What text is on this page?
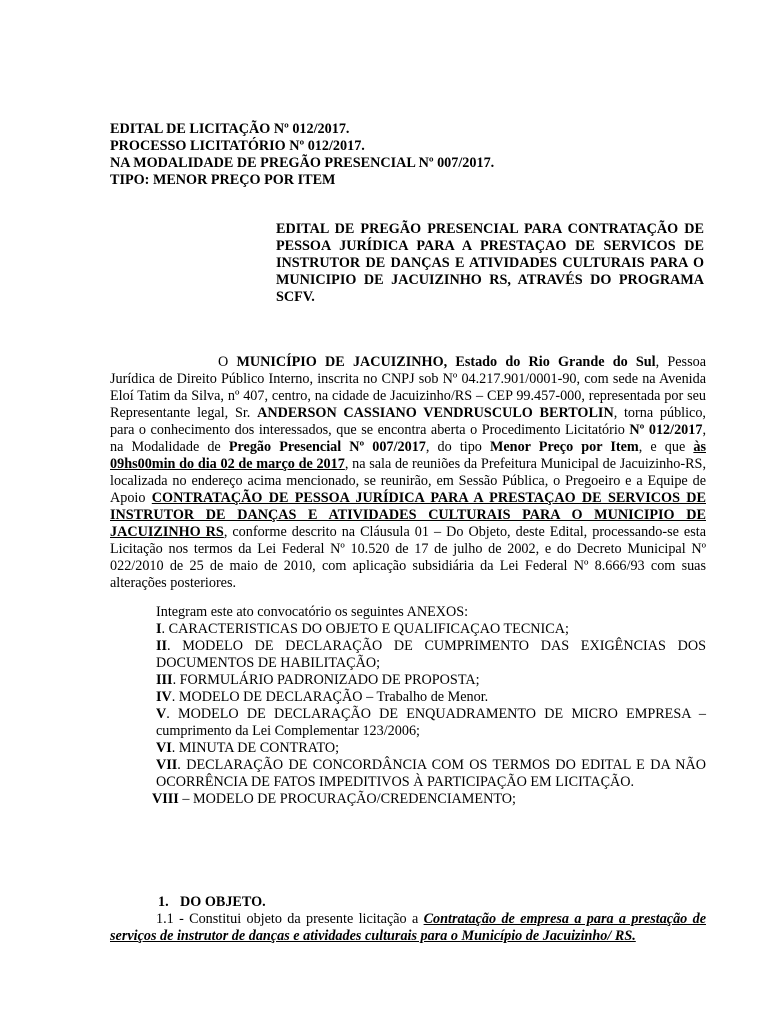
EDITAL DE LICITAÇÃO Nº 012/2017.
PROCESSO LICITATÓRIO Nº 012/2017.
NA MODALIDADE DE PREGÃO PRESENCIAL Nº 007/2017.
TIPO: MENOR PREÇO POR ITEM
EDITAL DE PREGÃO PRESENCIAL PARA CONTRATAÇÃO DE PESSOA JURÍDICA PARA A PRESTAÇAO DE SERVICOS DE INSTRUTOR DE DANÇAS E ATIVIDADES CULTURAIS PARA O MUNICIPIO DE JACUIZINHO RS, ATRAVÉS DO PROGRAMA SCFV.
O MUNICÍPIO DE JACUIZINHO, Estado do Rio Grande do Sul, Pessoa Jurídica de Direito Público Interno, inscrita no CNPJ sob Nº 04.217.901/0001-90, com sede na Avenida Eloí Tatim da Silva, nº 407, centro, na cidade de Jacuizinho/RS – CEP 99.457-000, representada por seu Representante legal, Sr. ANDERSON CASSIANO VENDRUSCULO BERTOLIN, torna público, para o conhecimento dos interessados, que se encontra aberta o Procedimento Licitatório Nº 012/2017, na Modalidade de Pregão Presencial Nº 007/2017, do tipo Menor Preço por Item, e que às 09hs00min do dia 02 de março de 2017, na sala de reuniões da Prefeitura Municipal de Jacuizinho-RS, localizada no endereço acima mencionado, se reunirão, em Sessão Pública, o Pregoeiro e a Equipe de Apoio CONTRATAÇÃO DE PESSOA JURÍDICA PARA A PRESTAÇAO DE SERVICOS DE INSTRUTOR DE DANÇAS E ATIVIDADES CULTURAIS PARA O MUNICIPIO DE JACUIZINHO RS, conforme descrito na Cláusula 01 – Do Objeto, deste Edital, processando-se esta Licitação nos termos da Lei Federal Nº 10.520 de 17 de julho de 2002, e do Decreto Municipal Nº 022/2010 de 25 de maio de 2010, com aplicação subsidiária da Lei Federal Nº 8.666/93 com suas alterações posteriores.
Integram este ato convocatório os seguintes ANEXOS:
I. CARACTERISTICAS DO OBJETO E QUALIFICAÇAO TECNICA;
II. MODELO DE DECLARAÇÃO DE CUMPRIMENTO DAS EXIGÊNCIAS DOS DOCUMENTOS DE HABILITAÇÃO;
III. FORMULÁRIO PADRONIZADO DE PROPOSTA;
IV. MODELO DE DECLARAÇÃO – Trabalho de Menor.
V. MODELO DE DECLARAÇÃO DE ENQUADRAMENTO DE MICRO EMPRESA – cumprimento da Lei Complementar 123/2006;
VI. MINUTA DE CONTRATO;
VII. DECLARAÇÃO DE CONCORDÂNCIA COM OS TERMOS DO EDITAL E DA NÃO OCORRÊNCIA DE FATOS IMPEDITIVOS À PARTICIPAÇÃO EM LICITAÇÃO.
VIII – MODELO DE PROCURAÇÃO/CREDENCIAMENTO;
1. DO OBJETO.
1.1 - Constitui objeto da presente licitação a Contratação de empresa a para a prestação de serviços de instrutor de danças e atividades culturais para o Município de Jacuizinho/ RS.
